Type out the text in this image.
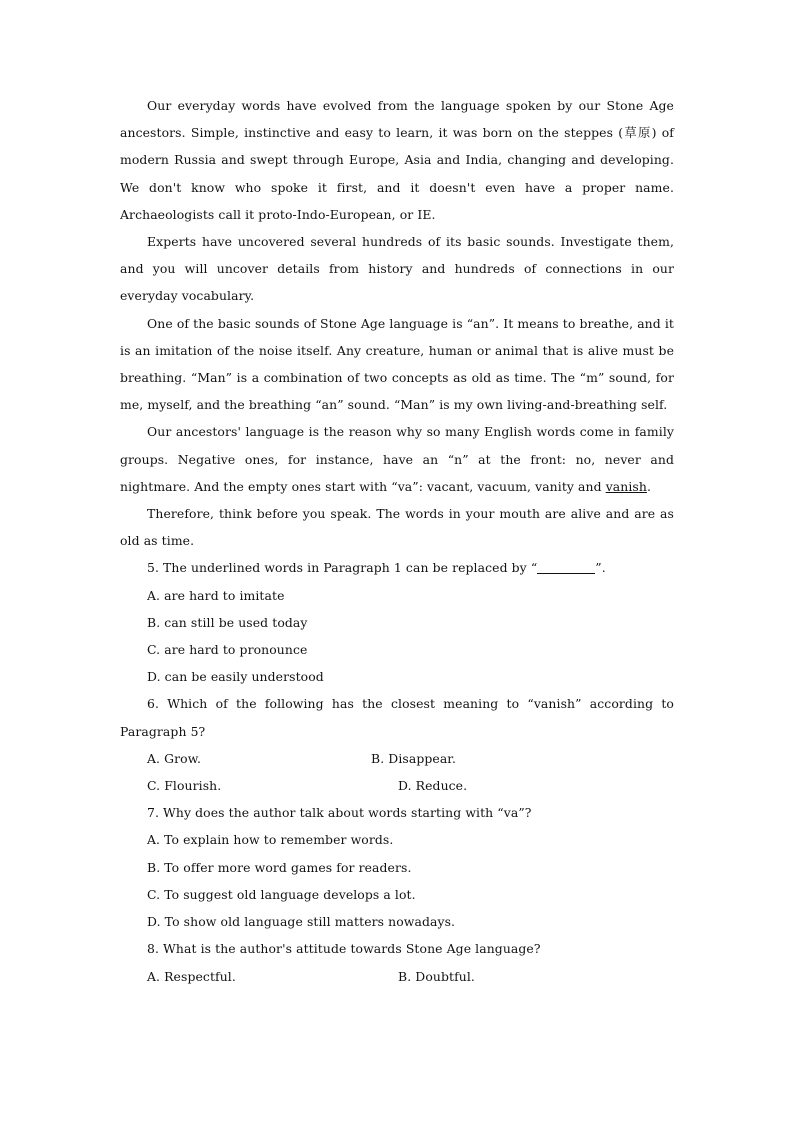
Our everyday words have evolved from the language spoken by our Stone Age ancestors. Simple, instinctive and easy to learn, it was born on the steppes (草原) of modern Russia and swept through Europe, Asia and India, changing and developing. We don't know who spoke it first, and it doesn't even have a proper name. Archaeologists call it proto-Indo-European, or IE.

Experts have uncovered several hundreds of its basic sounds. Investigate them, and you will uncover details from history and hundreds of connections in our everyday vocabulary.

One of the basic sounds of Stone Age language is “an”. It means to breathe, and it is an imitation of the noise itself. Any creature, human or animal that is alive must be breathing. “Man” is a combination of two concepts as old as time. The “m” sound, for me, myself, and the breathing “an” sound. “Man” is my own living-and-breathing self.

Our ancestors' language is the reason why so many English words come in family groups. Negative ones, for instance, have an “n” at the front: no, never and nightmare. And the empty ones start with “va”: vacant, vacuum, vanity and vanish.

Therefore, think before you speak. The words in your mouth are alive and are as old as time.

5. The underlined words in Paragraph 1 can be replaced by “	”.

A. are hard to imitate

B. can still be used today

C. are hard to pronounce

D. can be easily understood

6. Which of the following has the closest meaning to “vanish” according to Paragraph 5?

A. Grow.	B. Disappear.
C. Flourish.	D. Reduce.

7. Why does the author talk about words starting with “va”?

A. To explain how to remember words.

B. To offer more word games for readers.

C. To suggest old language develops a lot.

D. To show old language still matters nowadays.

8. What is the author's attitude towards Stone Age language?

A. Respectful.	B. Doubtful.
